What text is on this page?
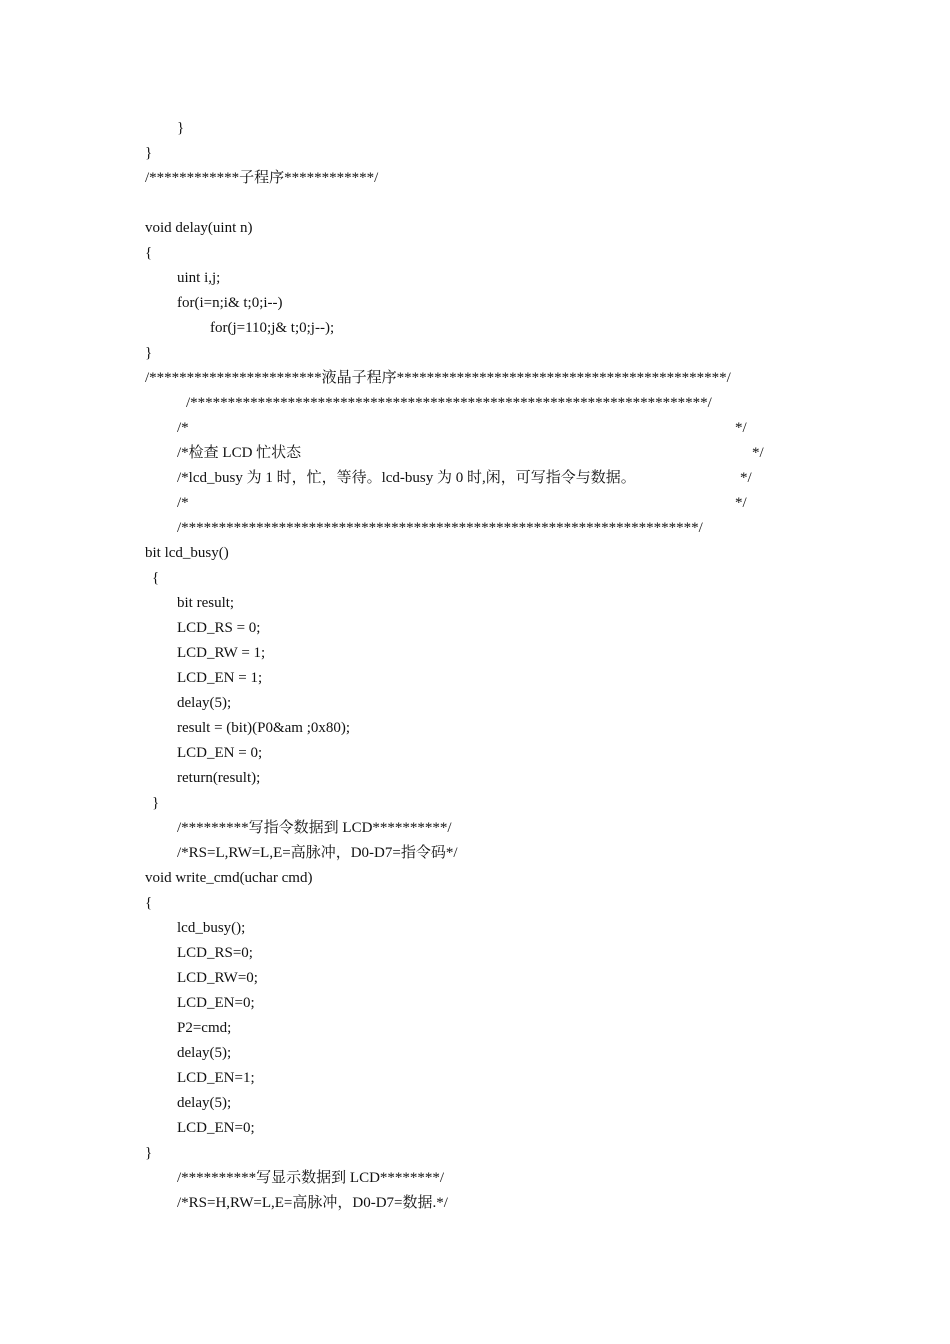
}
}
/************子程序************/
void delay(uint n)
{
uint i,j;
for(i=n;i& t;0;i--)
for(j=110;j& t;0;j--);
}
/***********************液晶子程序********************************************/
/*********************************************************************/
/*	*/
/*检查 LCD 忙状态	*/
/*lcd_busy 为 1 时，忙，等待。lcd-busy 为 0 时,闲，可写指令与数据。	*/
/*	*/
/*********************************************************************/
bit lcd_busy()
{
bit result;
LCD_RS = 0;
LCD_RW = 1;
LCD_EN = 1;
delay(5);
result = (bit)(P0&am ;0x80);
LCD_EN = 0;
return(result);
}
/*********写指令数据到 LCD**********/
/*RS=L,RW=L,E=高脉冲，D0-D7=指令码*/
void write_cmd(uchar cmd)
{
lcd_busy();
LCD_RS=0;
LCD_RW=0;
LCD_EN=0;
P2=cmd;
delay(5);
LCD_EN=1;
delay(5);
LCD_EN=0;
}
/**********写显示数据到 LCD********/
/*RS=H,RW=L,E=高脉冲，D0-D7=数据.*/
